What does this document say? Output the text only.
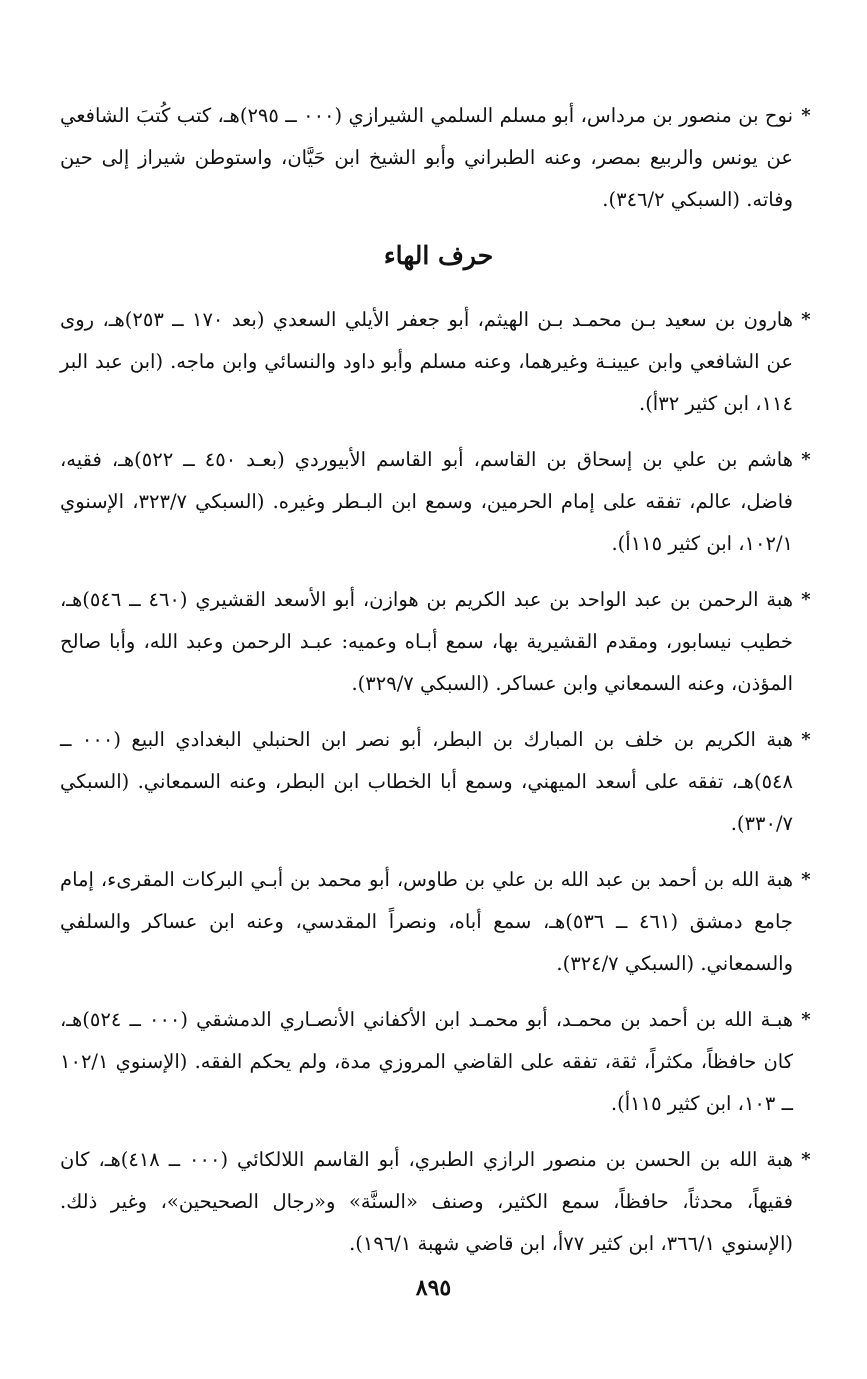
*

نوح بن منصور بن مرداس، أبو مسلم السلمي الشيرازي (٠٠٠ ــ ٢٩٥)هـ، كتب كُتبَ الشافعي عن يونس والربيع بمصر، وعنه الطبراني وأبو الشيخ ابن حَيَّان، واستوطن شيراز إلى حين وفاته. (السبكي ٣٤٦/٢).

حرف الهاء
*

هارون بن سعيد بـن محمـد بـن الهيثم، أبو جعفر الأيلي السعدي (بعد ١٧٠ ــ ٢٥٣)هـ، روى عن الشافعي وابن عيينـة وغيرهما، وعنه مسلم وأبو داود والنسائي وابن ماجه. (ابن عبد البر ١١٤، ابن كثير ٣٢أ).

*

هاشم بن علي بن إسحاق بن القاسم، أبو القاسم الأبيوردي (بعـد ٤٥٠ ــ ٥٢٢)هـ، فقيه، فاضل، عالم، تفقه على إمام الحرمين، وسمع ابن البـطر وغيره. (السبكي ٣٢٣/٧، الإسنوي ١٠٢/١، ابن كثير ١١٥أ).

*

هبة الرحمن بن عبد الواحد بن عبد الكريم بن هوازن، أبو الأسعد القشيري (٤٦٠ ــ ٥٤٦)هـ، خطيب نيسابور، ومقدم القشيرية بها، سمع أبـاه وعميه: عبـد الرحمن وعبد الله، وأبا صالح المؤذن، وعنه السمعاني وابن عساكر. (السبكي ٣٢٩/٧).

*

هبة الكريم بن خلف بن المبارك بن البطر، أبو نصر ابن الحنبلي البغدادي البيع (٠٠٠ ــ ٥٤٨)هـ، تفقه على أسعد الميهني، وسمع أبا الخطاب ابن البطر، وعنه السمعاني. (السبكي ٣٣٠/٧).

*

هبة الله بن أحمد بن عبد الله بن علي بن طاوس، أبو محمد بن أبـي البركات المقرىء، إمام جامع دمشق (٤٦١ ــ ٥٣٦)هـ، سمع أباه، ونصراً المقدسي، وعنه ابن عساكر والسلفي والسمعاني. (السبكي ٣٢٤/٧).

*

هبـة الله بن أحمد بن محمـد، أبو محمـد ابن الأكفاني الأنصـاري الدمشقي (٠٠٠ ــ ٥٢٤)هـ، كان حافظاً، مكثراً، ثقة، تفقه على القاضي المروزي مدة، ولم يحكم الفقه. (الإسنوي ١٠٢/١ ــ ١٠٣، ابن كثير ١١٥أ).

*

هبة الله بن الحسن بن منصور الرازي الطبري، أبو القاسم اللالكائي (٠٠٠ ــ ٤١٨)هـ، كان فقيهاً، محدثاً، حافظاً، سمع الكثير، وصنف «السنَّة» و«رجال الصحيحين»، وغير ذلك. (الإسنوي ٣٦٦/١، ابن كثير ٧٧أ، ابن قاضي شهبة ١٩٦/١).

٨٩٥
